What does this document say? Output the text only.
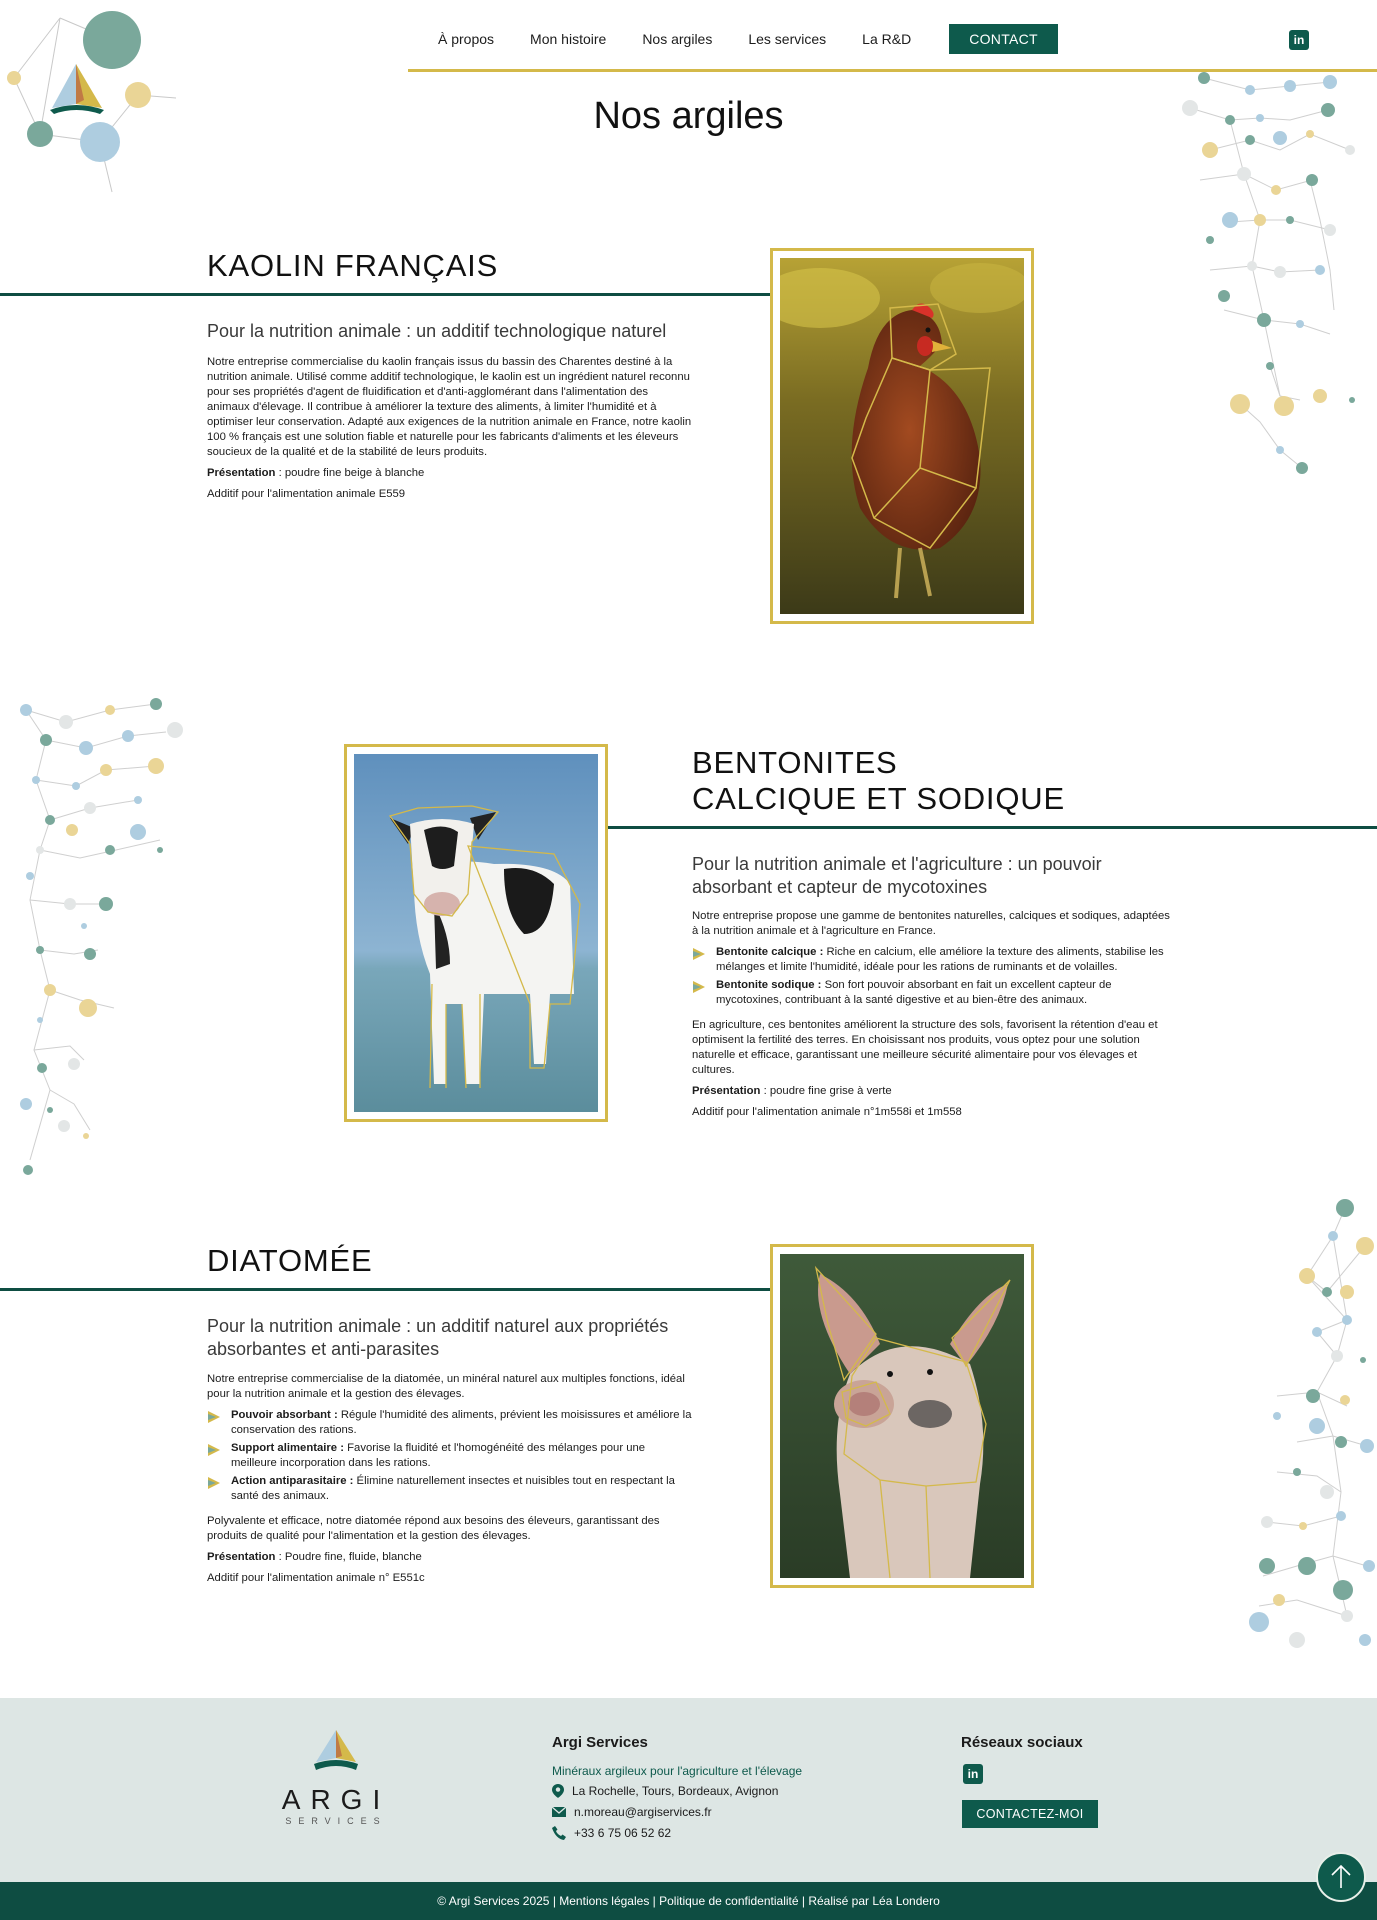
À propos	Mon histoire	Nos argiles	Les services	La R&D	CONTACT	in
Nos argiles
KAOLIN FRANÇAIS
Pour la nutrition animale : un additif technologique naturel

Notre entreprise commercialise du kaolin français issus du bassin des Charentes destiné à la nutrition animale. Utilisé comme additif technologique, le kaolin est un ingrédient naturel reconnu pour ses propriétés d'agent de fluidification et d'anti-agglomérant dans l'alimentation des animaux d'élevage. Il contribue à améliorer la texture des aliments, à limiter l'humidité et à optimiser leur conservation. Adapté aux exigences de la nutrition animale en France, notre kaolin 100 % français est une solution fiable et naturelle pour les fabricants d'aliments et les éleveurs soucieux de la qualité et de la stabilité de leurs produits.

Présentation : poudre fine beige à blanche

Additif pour l'alimentation animale E559

BENTONITES
CALCIQUE ET SODIQUE
Pour la nutrition animale et l'agriculture : un pouvoir absorbant et capteur de mycotoxines

Notre entreprise propose une gamme de bentonites naturelles, calciques et sodiques, adaptées à la nutrition animale et à l'agriculture en France.

Bentonite calcique : Riche en calcium, elle améliore la texture des aliments, stabilise les mélanges et limite l'humidité, idéale pour les rations de ruminants et de volailles.
Bentonite sodique : Son fort pouvoir absorbant en fait un excellent capteur de mycotoxines, contribuant à la santé digestive et au bien-être des animaux.

En agriculture, ces bentonites améliorent la structure des sols, favorisent la rétention d'eau et optimisent la fertilité des terres. En choisissant nos produits, vous optez pour une solution naturelle et efficace, garantissant une meilleure sécurité alimentaire pour vos élevages et cultures.

Présentation : poudre fine grise à verte

Additif pour l'alimentation animale n°1m558i et 1m558

DIATOMÉE
Pour la nutrition animale : un additif naturel aux propriétés absorbantes et anti-parasites

Notre entreprise commercialise de la diatomée, un minéral naturel aux multiples fonctions, idéal pour la nutrition animale et la gestion des élevages.

Pouvoir absorbant : Régule l'humidité des aliments, prévient les moisissures et améliore la conservation des rations.
Support alimentaire : Favorise la fluidité et l'homogénéité des mélanges pour une meilleure incorporation dans les rations.
Action antiparasitaire : Élimine naturellement insectes et nuisibles tout en respectant la santé des animaux.

Polyvalente et efficace, notre diatomée répond aux besoins des éleveurs, garantissant des produits de qualité pour l'alimentation et la gestion des élevages.

Présentation : Poudre fine, fluide, blanche

Additif pour l'alimentation animale n° E551c

ARGI
SERVICES
Argi Services
Minéraux argileux pour l'agriculture et l'élevage
La Rochelle, Tours, Bordeaux, Avignon
n.moreau@argiservices.fr
+33 6 75 06 52 62
Réseaux sociaux
in
CONTACTEZ-MOI
© Argi Services 2025 | Mentions légales | Politique de confidentialité | Réalisé par Léa Londero
